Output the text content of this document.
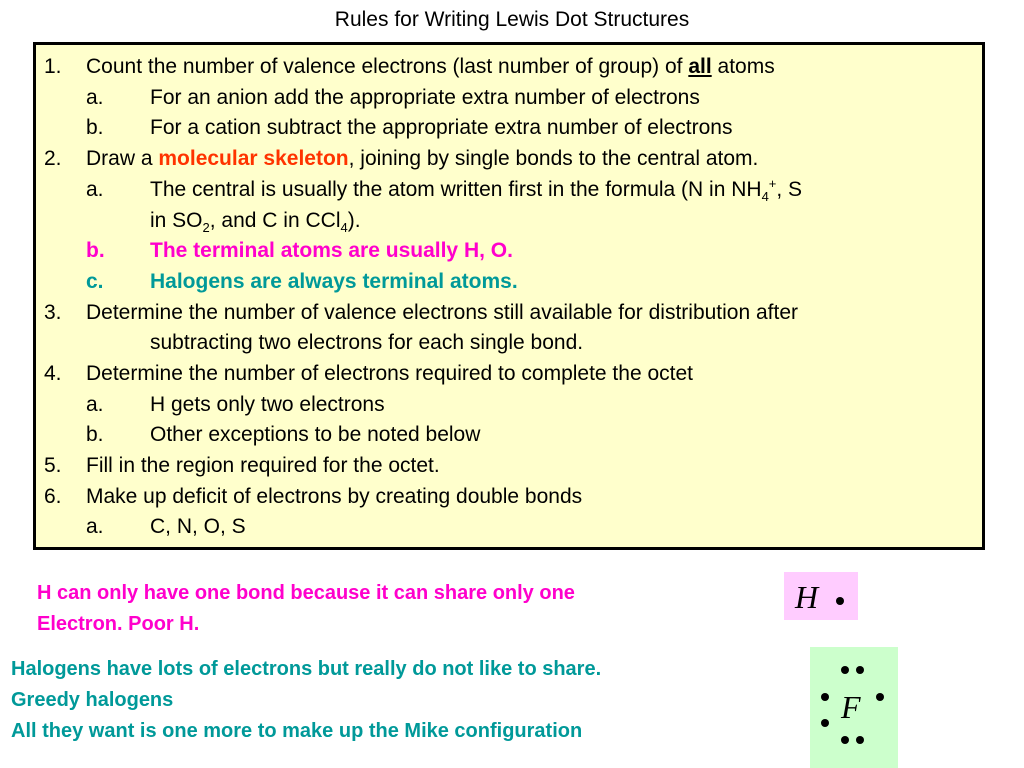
Rules for Writing Lewis Dot Structures
1. Count the number of valence electrons (last number of group) of all atoms
a. For an anion add the appropriate extra number of electrons
b. For a cation subtract the appropriate extra number of electrons
2. Draw a molecular skeleton, joining by single bonds to the central atom.
a. The central is usually the atom written first in the formula (N in $NH_4^+$, S
in $SO_2$, and C in CCl$_4$).
b. The terminal atoms are usually H, O.
c. Halogens are always terminal atoms.
3. Determine the number of valence electrons still available for distribution after
subtracting two electrons for each single bond.
4. Determine the number of electrons required to complete the octet
a. H gets only two electrons
b. Other exceptions to be noted below
5. Fill in the region required for the octet.
6. Make up deficit of electrons by creating double bonds
a. C, N, O, S
H can only have one bond because it can share only one
Electron. Poor H.
Halogens have lots of electrons but really do not like to share.
Greedy halogens
All they want is one more to make up the Mike configuration
H
F
